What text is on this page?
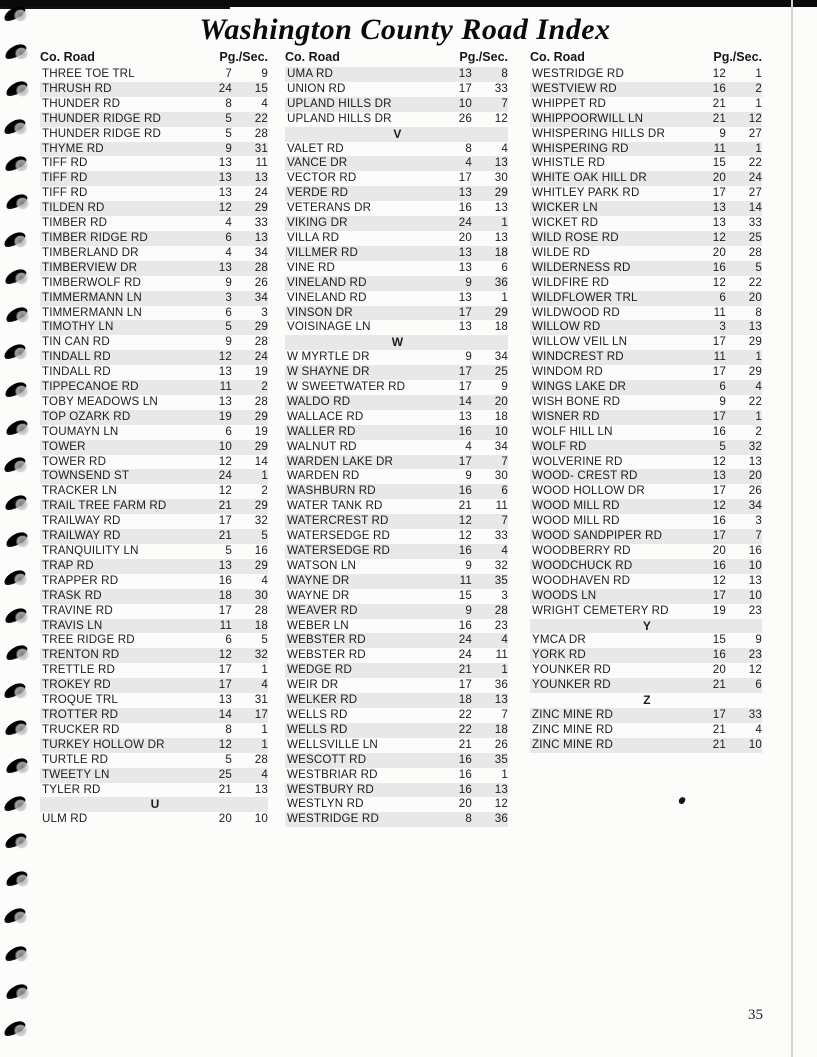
Washington County Road Index
Co. Road	Pg./Sec. Co. Road	Pg./Sec. Co. Road	Pg./Sec.
THREE TOE TRL	7	9
THRUSH RD	24	15
THUNDER RD	8	4
THUNDER RIDGE RD	5	22
THUNDER RIDGE RD	5	28
THYME RD	9	31
TIFF RD	13	11
TIFF RD	13	13
TIFF RD	13	24
TILDEN RD	12	29
TIMBER RD	4	33
TIMBER RIDGE RD	6	13
TIMBERLAND DR	4	34
TIMBERVIEW DR	13	28
TIMBERWOLF RD	9	26
TIMMERMANN LN	3	34
TIMMERMANN LN	6	3
TIMOTHY LN	5	29
TIN CAN RD	9	28
TINDALL RD	12	24
TINDALL RD	13	19
TIPPECANOE RD	11	2
TOBY MEADOWS LN	13	28
TOP OZARK RD	19	29
TOUMAYN LN	6	19
TOWER	10	29
TOWER RD	12	14
TOWNSEND ST	24	1
TRACKER LN	12	2
TRAIL TREE FARM RD	21	29
TRAILWAY RD	17	32
TRAILWAY RD	21	5
TRANQUILITY LN	5	16
TRAP RD	13	29
TRAPPER RD	16	4
TRASK RD	18	30
TRAVINE RD	17	28
TRAVIS LN	11	18
TREE RIDGE RD	6	5
TRENTON RD	12	32
TRETTLE RD	17	1
TROKEY RD	17	4
TROQUE TRL	13	31
TROTTER RD	14	17
TRUCKER RD	8	1
TURKEY HOLLOW DR	12	1
TURTLE RD	5	28
TWEETY LN	25	4
TYLER RD	21	13
U
ULM RD	20	10
UMA RD	13	8
UNION RD	17	33
UPLAND HILLS DR	10	7
UPLAND HILLS DR	26	12
V
VALET RD	8	4
VANCE DR	4	13
VECTOR RD	17	30
VERDE RD	13	29
VETERANS DR	16	13
VIKING DR	24	1
VILLA RD	20	13
VILLMER RD	13	18
VINE RD	13	6
VINELAND RD	9	36
VINELAND RD	13	1
VINSON DR	17	29
VOISINAGE LN	13	18
W
W MYRTLE DR	9	34
W SHAYNE DR	17	25
W SWEETWATER RD	17	9
WALDO RD	14	20
WALLACE RD	13	18
WALLER RD	16	10
WALNUT RD	4	34
WARDEN LAKE DR	17	7
WARDEN RD	9	30
WASHBURN RD	16	6
WATER TANK RD	21	11
WATERCREST RD	12	7
WATERSEDGE RD	12	33
WATERSEDGE RD	16	4
WATSON LN	9	32
WAYNE DR	11	35
WAYNE DR	15	3
WEAVER RD	9	28
WEBER LN	16	23
WEBSTER RD	24	4
WEBSTER RD	24	11
WEDGE RD	21	1
WEIR DR	17	36
WELKER RD	18	13
WELLS RD	22	7
WELLS RD	22	18
WELLSVILLE LN	21	26
WESCOTT RD	16	35
WESTBRIAR RD	16	1
WESTBURY RD	16	13
WESTLYN RD	20	12
WESTRIDGE RD	8	36
WESTRIDGE RD	12	1
WESTVIEW RD	16	2
WHIPPET RD	21	1
WHIPPOORWILL LN	21	12
WHISPERING HILLS DR	9	27
WHISPERING RD	11	1
WHISTLE RD	15	22
WHITE OAK HILL DR	20	24
WHITLEY PARK RD	17	27
WICKER LN	13	14
WICKET RD	13	33
WILD ROSE RD	12	25
WILDE RD	20	28
WILDERNESS RD	16	5
WILDFIRE RD	12	22
WILDFLOWER TRL	6	20
WILDWOOD RD	11	8
WILLOW RD	3	13
WILLOW VEIL LN	17	29
WINDCREST RD	11	1
WINDOM RD	17	29
WINGS LAKE DR	6	4
WISH BONE RD	9	22
WISNER RD	17	1
WOLF HILL LN	16	2
WOLF RD	5	32
WOLVERINE RD	12	13
WOOD- CREST RD	13	20
WOOD HOLLOW DR	17	26
WOOD MILL RD	12	34
WOOD MILL RD	16	3
WOOD SANDPIPER RD	17	7
WOODBERRY RD	20	16
WOODCHUCK RD	16	10
WOODHAVEN RD	12	13
WOODS LN	17	10
WRIGHT CEMETERY RD	19	23
Y
YMCA DR	15	9
YORK RD	16	23
YOUNKER RD	20	12
YOUNKER RD	21	6
Z
ZINC MINE RD	17	33
ZINC MINE RD	21	4
ZINC MINE RD	21	10
35
